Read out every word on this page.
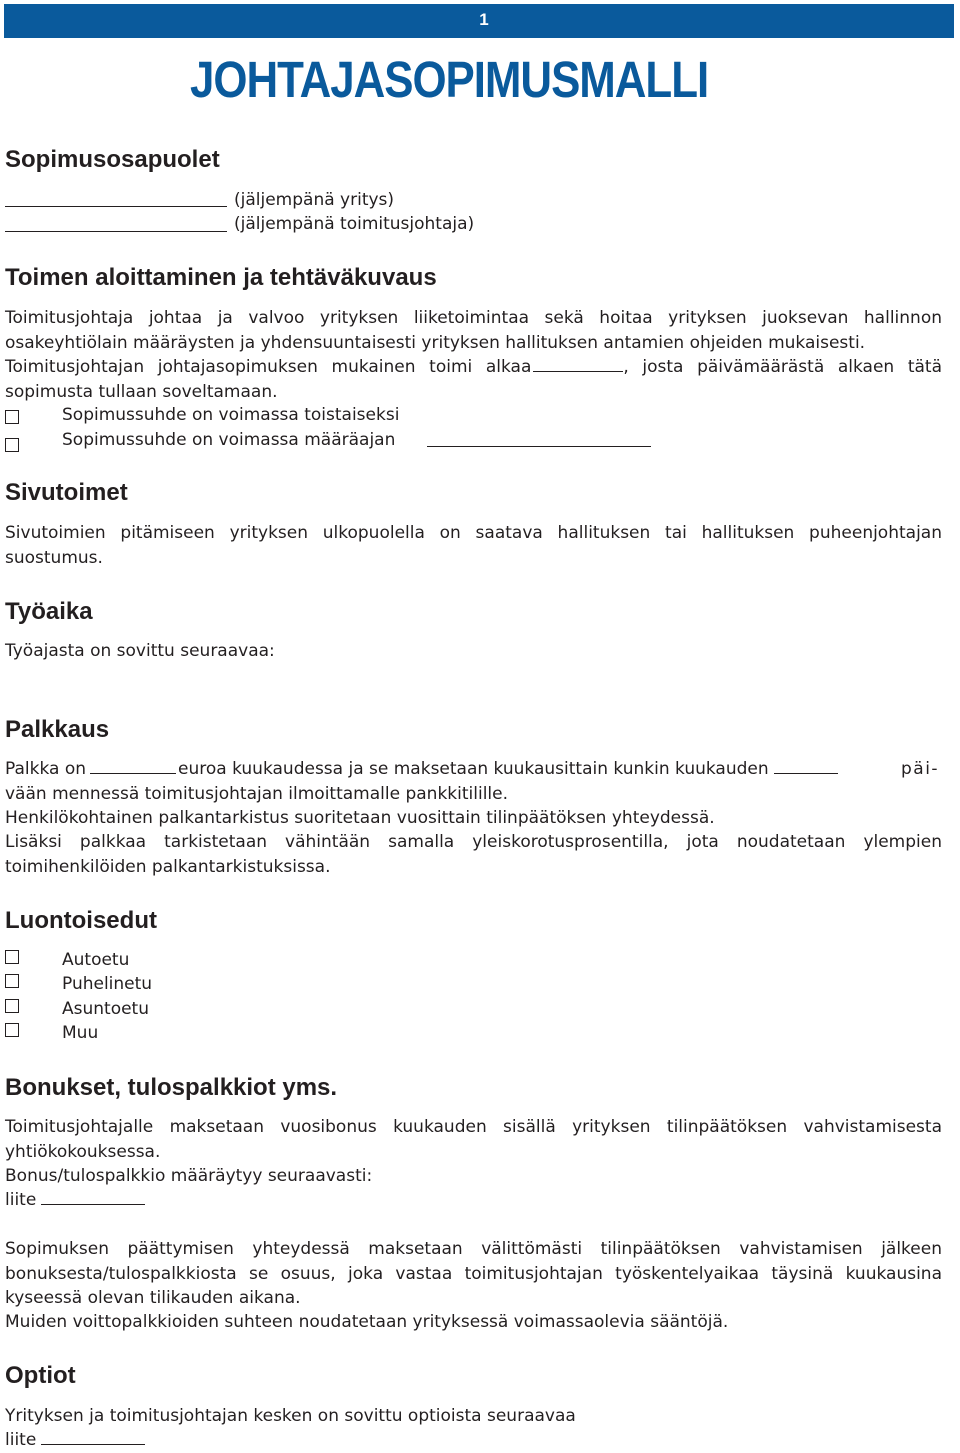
1
JOHTAJASOPIMUSMALLI
Sopimusosapuolet
(jäljempänä yritys)
(jäljempänä toimitusjohtaja)
Toimen aloittaminen ja tehtäväkuvaus

Toimitusjohtaja johtaa ja valvoo yrityksen liiketoimintaa sekä hoitaa yrityksen juoksevan hallinnon osakeyhtiölain määräysten ja yhdensuuntaisesti yrityksen hallituksen antamien ohjeiden mukaisesti.

Toimitusjohtajan johtajasopimuksen mukainen toimi alkaa	, josta päivämäärästä alkaen tätä sopimusta tullaan soveltamaan.

Sopimussuhde on voimassa toistaiseksi
Sopimussuhde on voimassa määräajan
Sivutoimet

Sivutoimien pitämiseen yrityksen ulkopuolella on saatava hallituksen tai hallituksen puheenjohtajan suostumus.

Työaika

Työajasta on sovittu seuraavaa:

Palkkaus

Palkka on	euroa kuukaudessa ja se maksetaan kuukausittain kunkin kuukauden	päi-

vään mennessä toimitusjohtajan ilmoittamalle pankkitilille.

Henkilökohtainen palkantarkistus suoritetaan vuosittain tilinpäätöksen yhteydessä.

Lisäksi palkkaa tarkistetaan vähintään samalla yleiskorotusprosentilla, jota noudatetaan ylempien toimihenkilöiden palkantarkistuksissa.

Luontoisedut
Autoetu
Puhelinetu
Asuntoetu
Muu
Bonukset, tulospalkkiot yms.

Toimitusjohtajalle maksetaan vuosibonus kuukauden sisällä yrityksen tilinpäätöksen vahvistamisesta yhtiökokouksessa.

Bonus/tulospalkkio määräytyy seuraavasti:

liite

Sopimuksen päättymisen yhteydessä maksetaan välittömästi tilinpäätöksen vahvistamisen jälkeen bonuksesta/tulospalkkiosta se osuus, joka vastaa toimitusjohtajan työskentelyaikaa täysinä kuukausina kyseessä olevan tilikauden aikana.

Muiden voittopalkkioiden suhteen noudatetaan yrityksessä voimassaolevia sääntöjä.

Optiot

Yrityksen ja toimitusjohtajan kesken on sovittu optioista seuraavaa

liite
